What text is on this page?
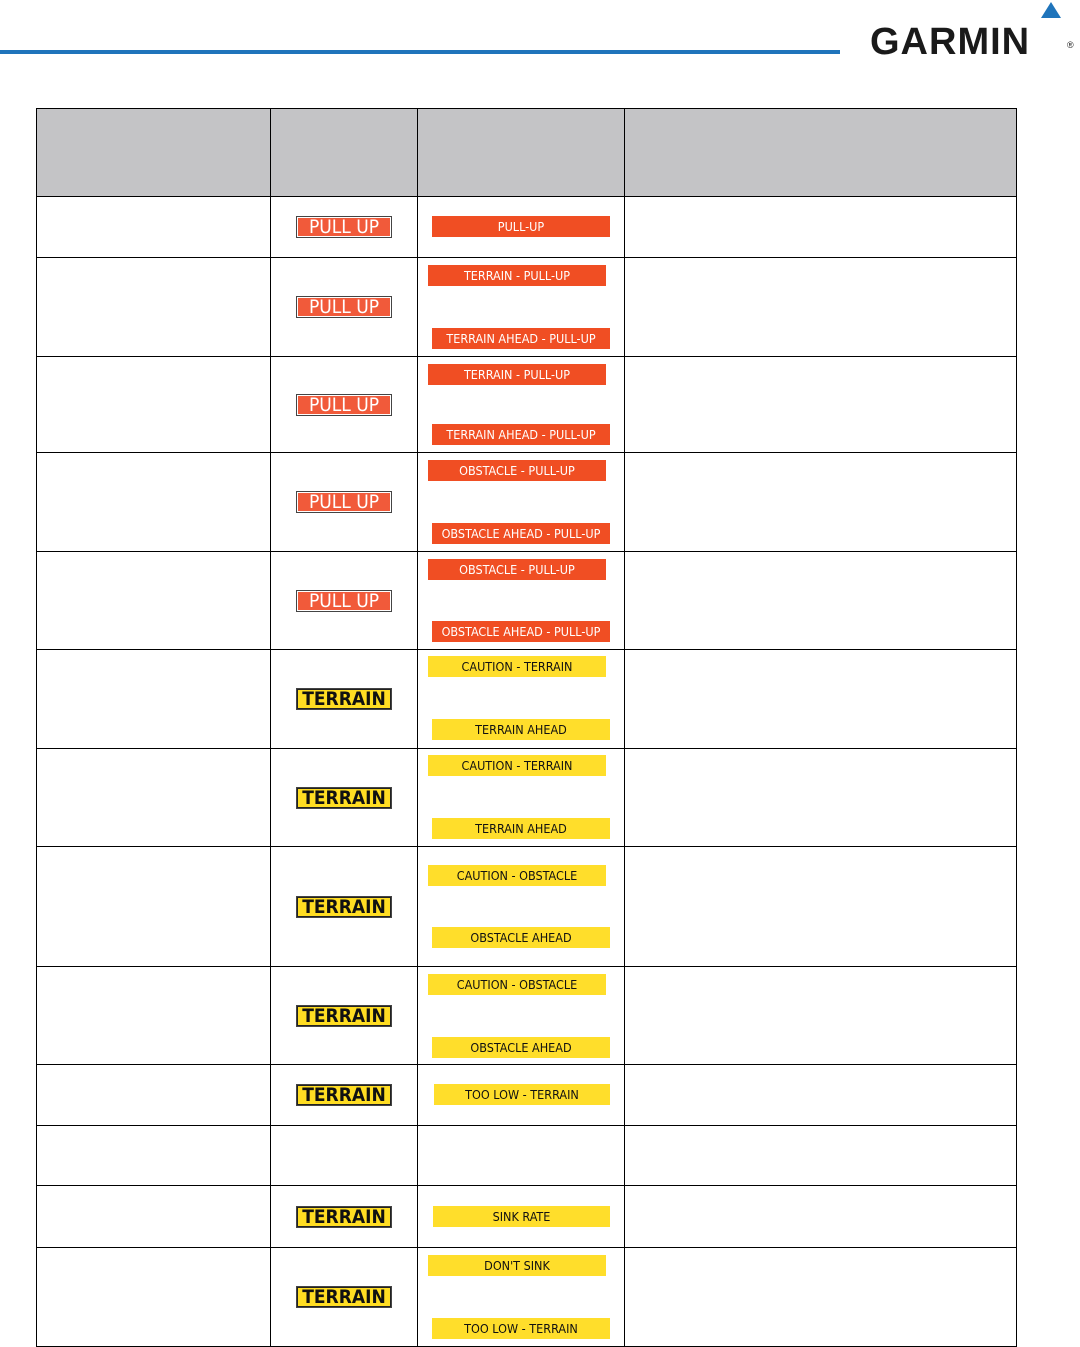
GARMIN	®

	PULL UP	PULL-UP	

	PULL UP	TERRAIN - PULL-UP
TERRAIN AHEAD - PULL-UP	

	PULL UP	TERRAIN - PULL-UP
TERRAIN AHEAD - PULL-UP	

	PULL UP	OBSTACLE - PULL-UP
OBSTACLE AHEAD - PULL-UP	

	PULL UP	OBSTACLE - PULL-UP
OBSTACLE AHEAD - PULL-UP	

	TERRAIN	CAUTION - TERRAIN
TERRAIN AHEAD	

	TERRAIN	CAUTION - TERRAIN
TERRAIN AHEAD	

	TERRAIN	CAUTION - OBSTACLE
OBSTACLE AHEAD	

	TERRAIN	CAUTION - OBSTACLE
OBSTACLE AHEAD	

	TERRAIN	TOO LOW - TERRAIN	

	TERRAIN	SINK RATE	

	TERRAIN	DON'T SINK
TOO LOW - TERRAIN	
